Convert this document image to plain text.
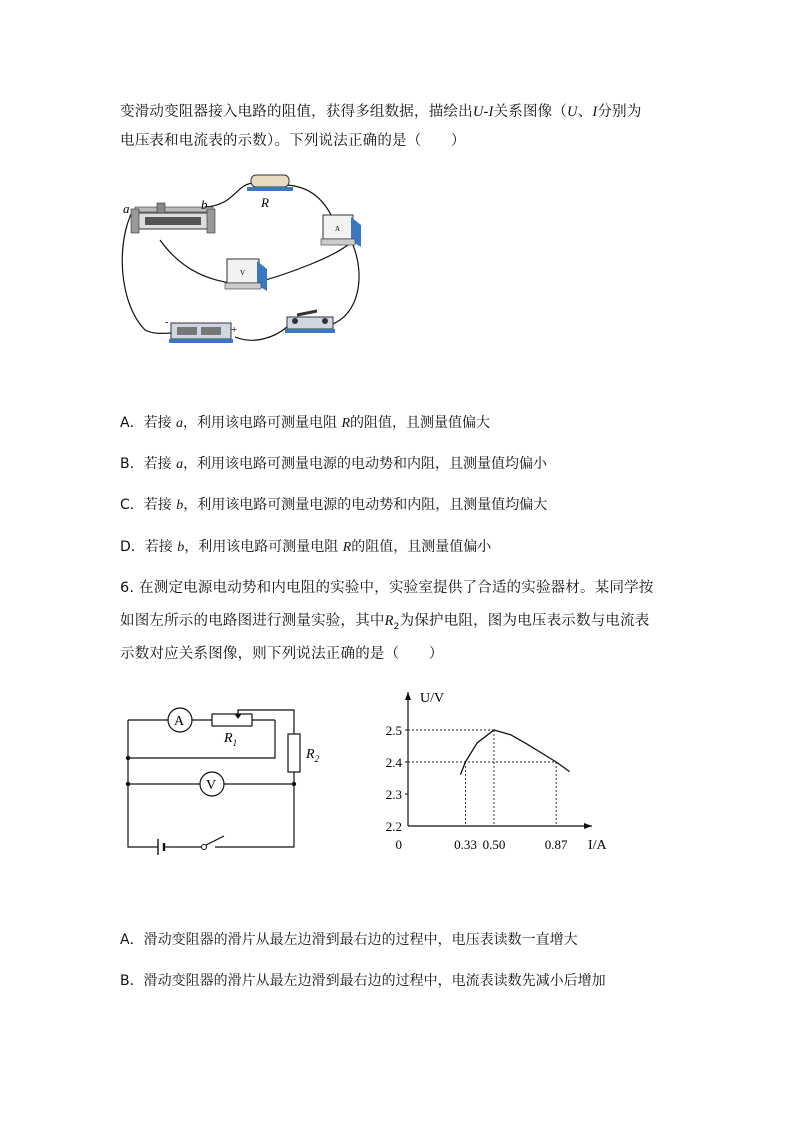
变滑动变阻器接入电路的阻值，获得多组数据，描绘出U-I关系图像（U、I分别为
电压表和电流表的示数）。下列说法正确的是（　　）
a	b	R
A
V
-
+
A．若接 a，利用该电路可测量电阻 R的阻值，且测量值偏大
B．若接 a，利用该电路可测量电源的电动势和内阻，且测量值均偏小
C．若接 b，利用该电路可测量电源的电动势和内阻，且测量值均偏大
D．若接 b，利用该电路可测量电阻 R的阻值，且测量值偏小
6. 在测定电源电动势和内电阻的实验中，实验室提供了合适的实验器材。某同学按
如图左所示的电路图进行测量实验，其中$R_2$为保护电阻，图为电压表示数与电流表
示数对应关系图像，则下列说法正确的是（　　）
A
$R_1$
$R_2$
V
U/V
I/A
0
2.2
2.3
2.4
2.5
0.33 0.50	0.87
A．滑动变阻器的滑片从最左边滑到最右边的过程中，电压表读数一直增大
B．滑动变阻器的滑片从最左边滑到最右边的过程中，电流表读数先减小后增加
